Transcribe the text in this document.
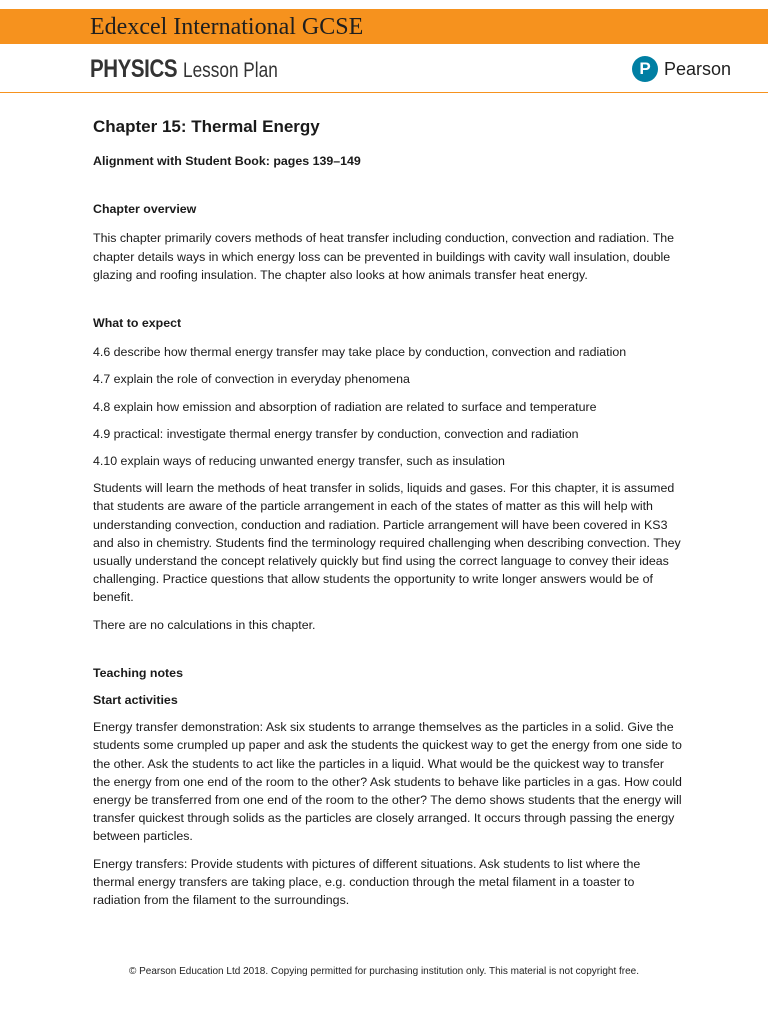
Edexcel International GCSE
PHYSICS Lesson Plan	P Pearson
Chapter 15: Thermal Energy

Alignment with Student Book: pages 139–149

Chapter overview

This chapter primarily covers methods of heat transfer including conduction, convection and radiation. The chapter details ways in which energy loss can be prevented in buildings with cavity wall insulation, double glazing and roofing insulation. The chapter also looks at how animals transfer heat energy.

What to expect

4.6 describe how thermal energy transfer may take place by conduction, convection and radiation

4.7 explain the role of convection in everyday phenomena

4.8 explain how emission and absorption of radiation are related to surface and temperature

4.9 practical: investigate thermal energy transfer by conduction, convection and radiation

4.10 explain ways of reducing unwanted energy transfer, such as insulation

Students will learn the methods of heat transfer in solids, liquids and gases. For this chapter, it is assumed that students are aware of the particle arrangement in each of the states of matter as this will help with understanding convection, conduction and radiation. Particle arrangement will have been covered in KS3 and also in chemistry. Students find the terminology required challenging when describing convection. They usually understand the concept relatively quickly but find using the correct language to convey their ideas challenging. Practice questions that allow students the opportunity to write longer answers would be of benefit.

There are no calculations in this chapter.

Teaching notes

Start activities

Energy transfer demonstration: Ask six students to arrange themselves as the particles in a solid. Give the students some crumpled up paper and ask the students the quickest way to get the energy from one side to the other. Ask the students to act like the particles in a liquid. What would be the quickest way to transfer the energy from one end of the room to the other? Ask students to behave like particles in a gas. How could energy be transferred from one end of the room to the other? The demo shows students that the energy will transfer quickest through solids as the particles are closely arranged. It occurs through passing the energy between particles.

Energy transfers: Provide students with pictures of different situations. Ask students to list where the thermal energy transfers are taking place, e.g. conduction through the metal filament in a toaster to radiation from the filament to the surroundings.

© Pearson Education Ltd 2018. Copying permitted for purchasing institution only. This material is not copyright free.
